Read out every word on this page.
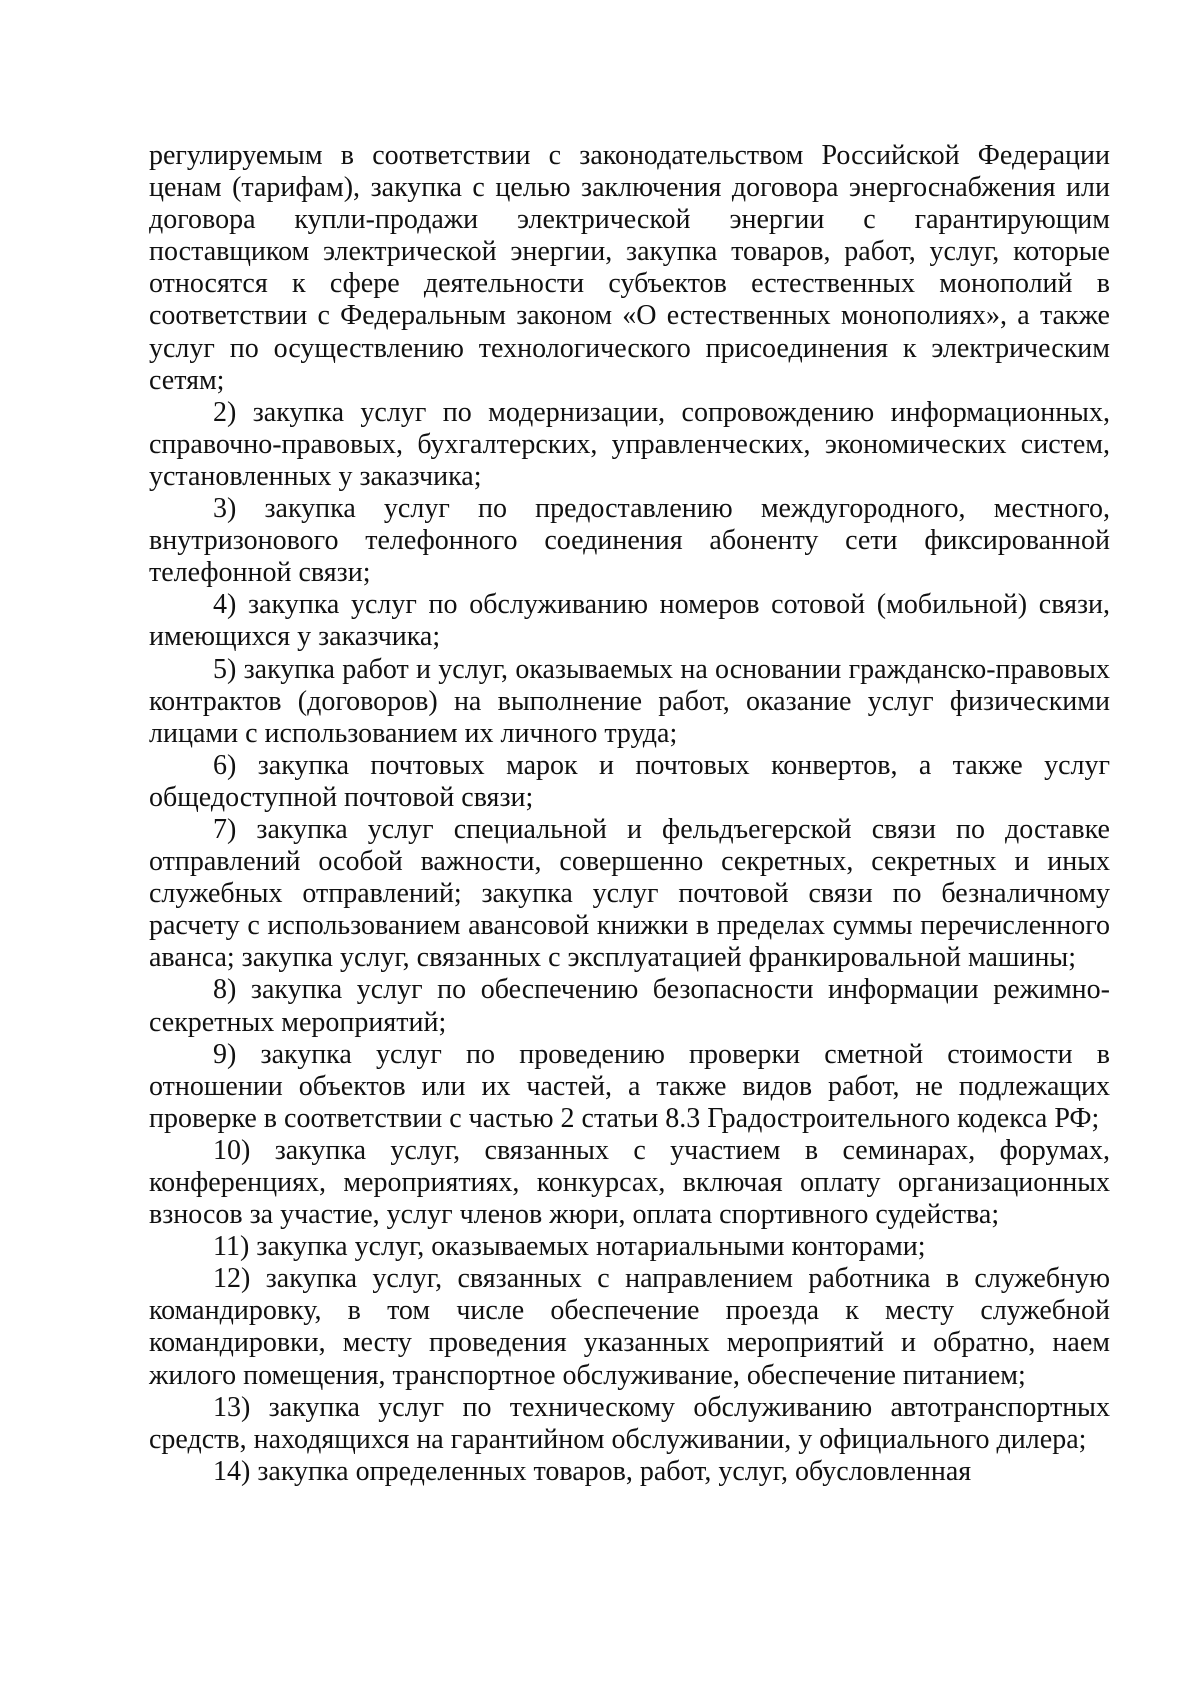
регулируемым в соответствии с законодательством Российской Федерации ценам (тарифам), закупка с целью заключения договора энергоснабжения или договора купли-продажи электрической энергии с гарантирующим поставщиком электрической энергии, закупка товаров, работ, услуг, которые относятся к сфере деятельности субъектов естественных монополий в соответствии с Федеральным законом «О естественных монополиях», а также услуг по осуществлению технологического присоединения к электрическим сетям;

2) закупка услуг по модернизации, сопровождению информационных, справочно-правовых, бухгалтерских, управленческих, экономических систем, установленных у заказчика;

3) закупка услуг по предоставлению междугородного, местного, внутризонового телефонного соединения абоненту сети фиксированной телефонной связи;

4) закупка услуг по обслуживанию номеров сотовой (мобильной) связи, имеющихся у заказчика;

5) закупка работ и услуг, оказываемых на основании гражданско-правовых контрактов (договоров) на выполнение работ, оказание услуг физическими лицами с использованием их личного труда;

6) закупка почтовых марок и почтовых конвертов, а также услуг общедоступной почтовой связи;

7) закупка услуг специальной и фельдъегерской связи по доставке отправлений особой важности, совершенно секретных, секретных и иных служебных отправлений; закупка услуг почтовой связи по безналичному расчету с использованием авансовой книжки в пределах суммы перечисленного аванса; закупка услуг, связанных с эксплуатацией франкировальной машины;

8) закупка услуг по обеспечению безопасности информации режимно-секретных мероприятий;

9) закупка услуг по проведению проверки сметной стоимости в отношении объектов или их частей, а также видов работ, не подлежащих проверке в соответствии с частью 2 статьи 8.3 Градостроительного кодекса РФ;

10) закупка услуг, связанных с участием в семинарах, форумах, конференциях, мероприятиях, конкурсах, включая оплату организационных взносов за участие, услуг членов жюри, оплата спортивного судейства;

11) закупка услуг, оказываемых нотариальными конторами;

12) закупка услуг, связанных с направлением работника в служебную командировку, в том числе обеспечение проезда к месту служебной командировки, месту проведения указанных мероприятий и обратно, наем жилого помещения, транспортное обслуживание, обеспечение питанием;

13) закупка услуг по техническому обслуживанию автотранспортных средств, находящихся на гарантийном обслуживании, у официального дилера;

14) закупка определенных товаров, работ, услуг, обусловленная
